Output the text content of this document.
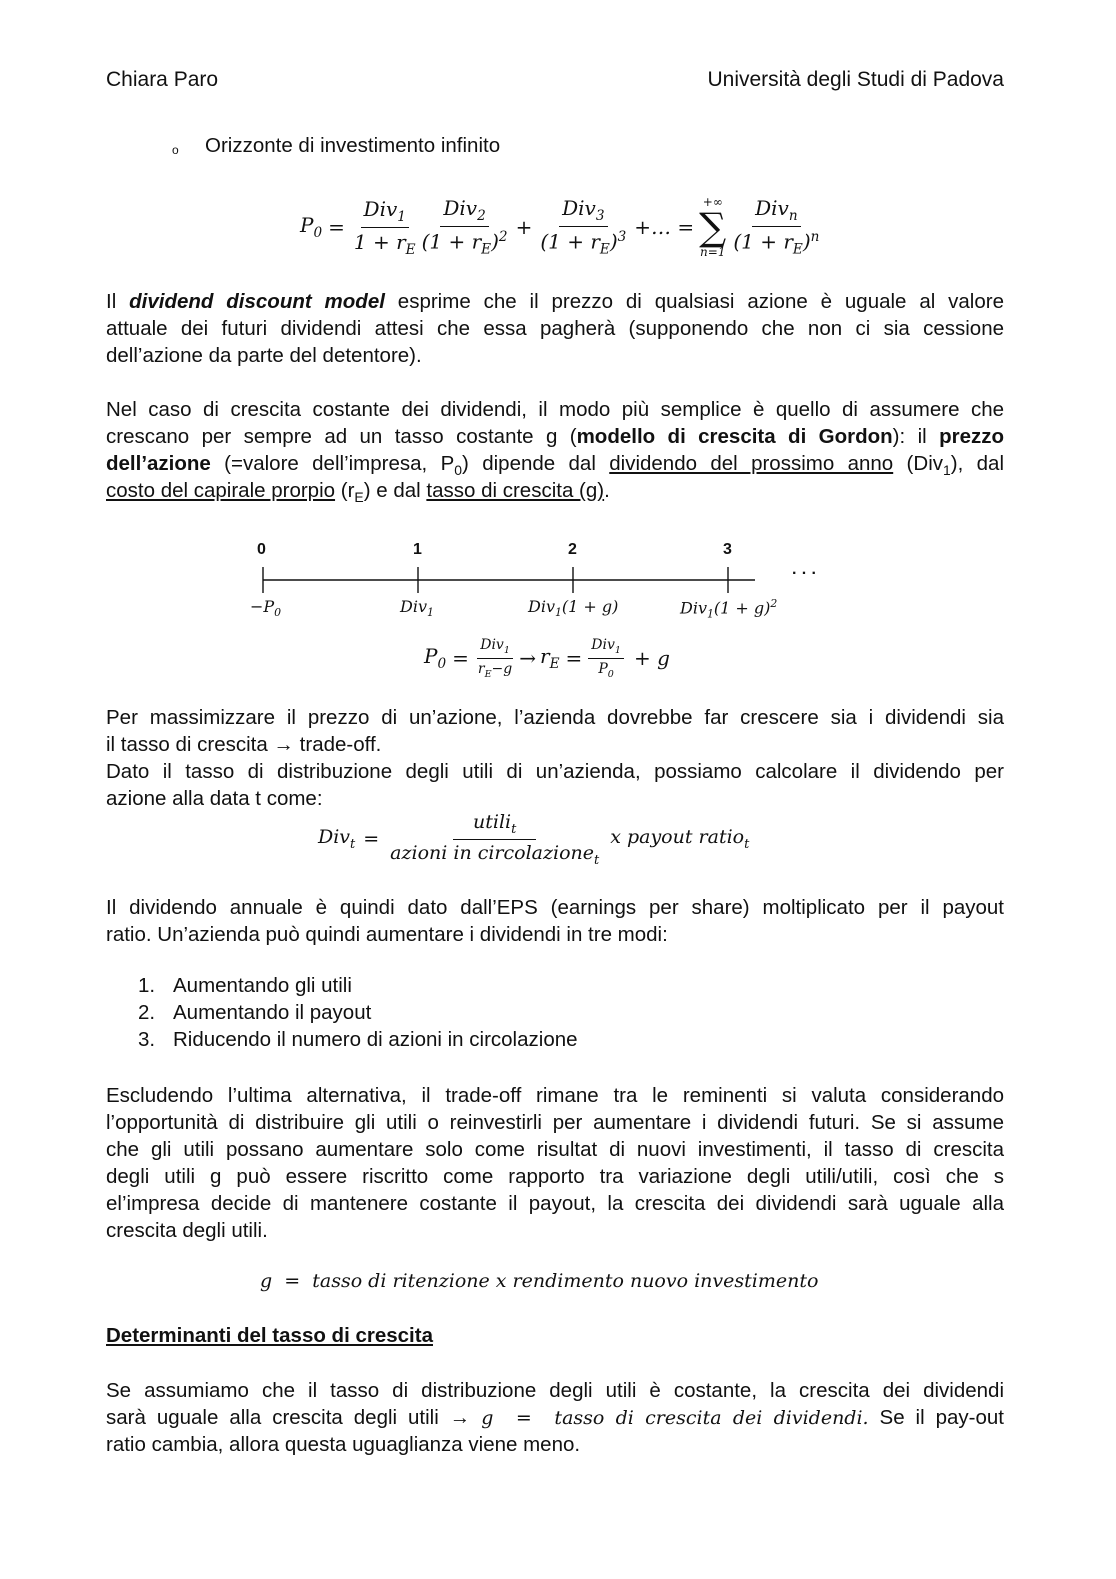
Chiara Paro	Università degli Studi di Padova
o Orizzonte di investimento infinito
$P_0 = \frac{Div_1}{1 + r_E} \frac{Div_2}{(1 + r_E)^2} + \frac{Div_3}{(1 + r_E)^3}$ +… =
+∞
∑
$n=1 \frac{Div_n}{(1 + r_E)^n}$
Il dividend discount model esprime che il prezzo di qualsiasi azione è uguale al valore
attuale dei futuri dividendi attesi che essa pagherà (supponendo che non ci sia cessione
dell’azione da parte del detentore).
Nel caso di crescita costante dei dividendi, il modo più semplice è quello di assumere che
crescano per sempre ad un tasso costante g (modello di crescita di Gordon): il prezzo
dell’azione (=valore dell’impresa, $P_0$) dipende dal dividendo del prossimo anno (Div$_1$), dal
costo del capirale prorpio $(r_E)$ e dal tasso di crescita (g).
0	1	2	3
· · ·
$-P_0$	Div$_1$	Div$_1$(1 + g)	$Div_1(1 + g)^2$
$P_0 = \frac{Div_1}{r_E-g} \to r_E = \frac{Div_1}{P_0} + g$
Per massimizzare il prezzo di un’azione, l’azienda dovrebbe far crescere sia i dividendi sia
il tasso di crescita → trade-off.
Dato il tasso di distribuzione degli utili di un’azienda, possiamo calcolare il dividendo per
azione alla data t come:
$Div_t = \frac{utili_t}{azioni in circolazione_t}$ x payout ratio$_t$
Il dividendo annuale è quindi dato dall’EPS (earnings per share) moltiplicato per il payout
ratio. Un’azienda può quindi aumentare i dividendi in tre modi:
1. Aumentando gli utili
2. Aumentando il payout
3. Riducendo il numero di azioni in circolazione
Escludendo l’ultima alternativa, il trade-off rimane tra le reminenti si valuta considerando
l’opportunità di distribuire gli utili o reinvestirli per aumentare i dividendi futuri. Se si assume
che gli utili possano aumentare solo come risultat di nuovi investimenti, il tasso di crescita
degli utili g può essere riscritto come rapporto tra variazione degli utili/utili, così che s
el’impresa decide di mantenere costante il payout, la crescita dei dividendi sarà uguale alla
crescita degli utili.
g  =  tasso di ritenzione x rendimento nuovo investimento
Determinanti del tasso di crescita
Se assumiamo che il tasso di distribuzione degli utili è costante, la crescita dei dividendi
sarà uguale alla crescita degli utili → g  =  tasso di crescita dei dividendi. Se il pay-out
ratio cambia, allora questa uguaglianza viene meno.
